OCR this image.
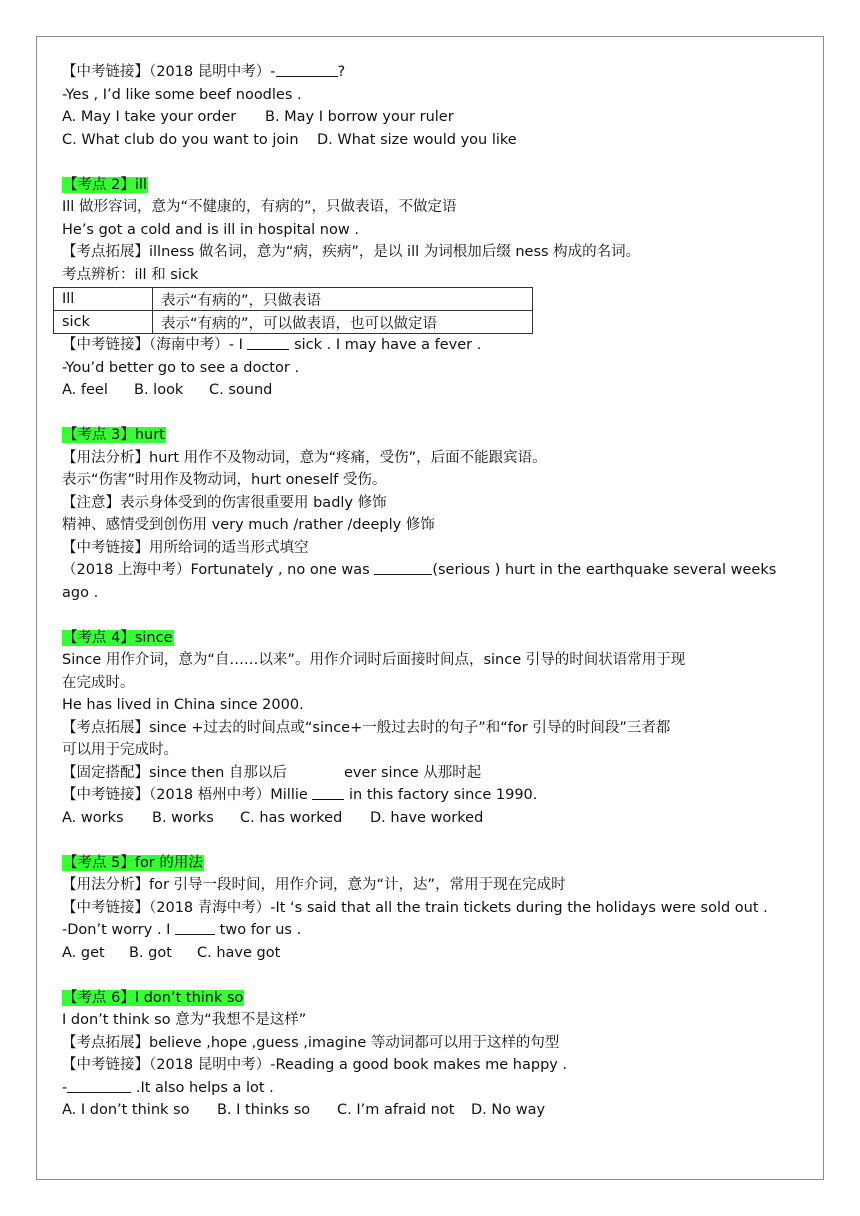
【中考链接】（2018 昆明中考）-	?
-Yes , I’d like some beef noodles .
A. May I take your order B. May I borrow your ruler
C. What club do you want to join D. What size would you like
【考点 2】ill
Ill 做形容词，意为“不健康的，有病的”，只做表语，不做定语
He’s got a cold and is ill in hospital now .
【考点拓展】illness 做名词，意为“病，疾病”，是以 ill 为词根加后缀 ness 构成的名词。
考点辨析：ill 和 sick
Ill	表示“有病的”，只做表语
sick	表示“有病的”，可以做表语，也可以做定语
【中考链接】（海南中考）- I	sick . I may have a fever .
-You’d better go to see a doctor .
A. feel B. look C. sound
【考点 3】hurt
【用法分析】hurt 用作不及物动词，意为“疼痛，受伤”，后面不能跟宾语。
表示“伤害”时用作及物动词，hurt oneself 受伤。
【注意】表示身体受到的伤害很重要用 badly 修饰
精神、感情受到创伤用 very much /rather /deeply 修饰
【中考链接】用所给词的适当形式填空
（2018 上海中考）Fortunately , no one was	(serious ) hurt in the earthquake several weeks
ago .
【考点 4】since
Since 用作介词，意为“自……以来”。用作介词时后面接时间点，since 引导的时间状语常用于现
在完成时。
He has lived in China since 2000.
【考点拓展】since +过去的时间点或“since+一般过去时的句子”和“for 引导的时间段”三者都
可以用于完成时。
【固定搭配】since then 自那以后	ever since 从那时起
【中考链接】（2018 梧州中考）Millie  in this factory since 1990.
A. works B. works C. has worked D. have worked
【考点 5】for 的用法
【用法分析】for 引导一段时间，用作介词，意为“计，达”，常用于现在完成时
【中考链接】（2018 青海中考）-It ‘s said that all the train tickets during the holidays were sold out .
-Don’t worry . I	two for us .
A. get B. got C. have got
【考点 6】I don’t think so
I don’t think so 意为“我想不是这样”
【考点拓展】believe ,hope ,guess ,imagine 等动词都可以用于这样的句型
【中考链接】（2018 昆明中考）-Reading a good book makes me happy .
-	.It also helps a lot .
A. I don’t think so B. I thinks so C. I’m afraid not D. No way
